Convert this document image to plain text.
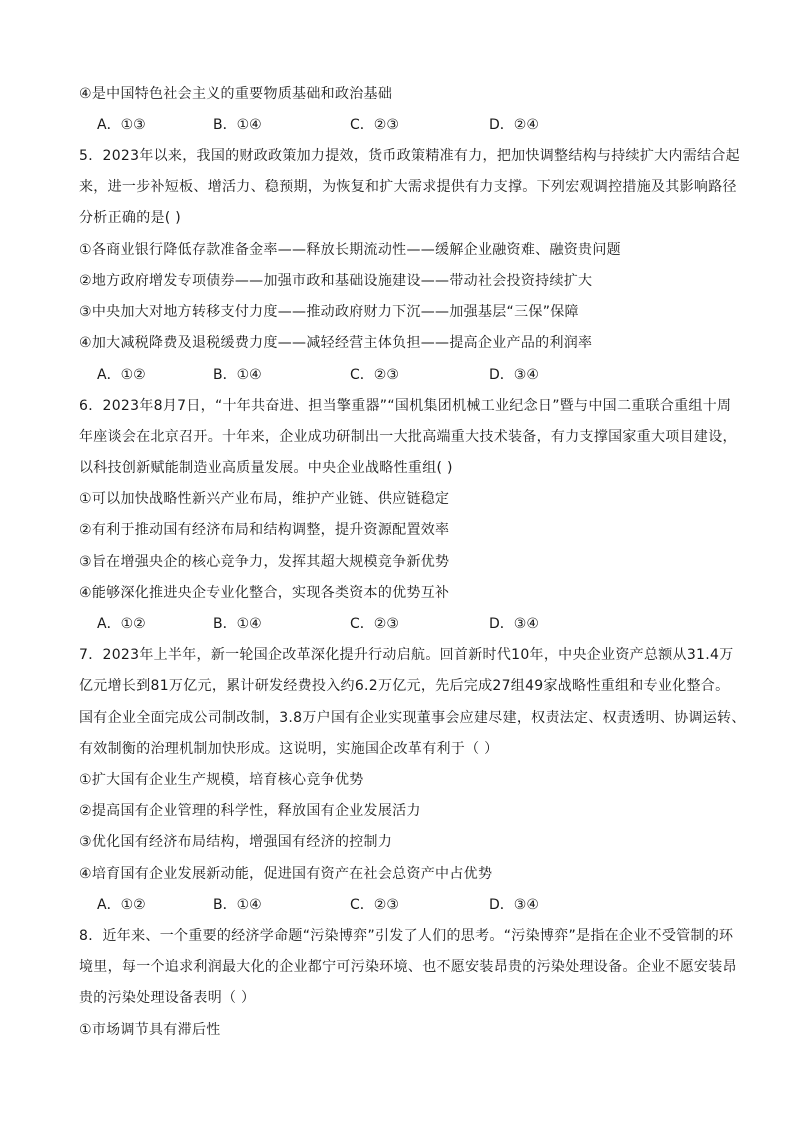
④是中国特色社会主义的重要物质基础和政治基础
A．①③	B．①④	C．②③	D．②④
5．2023年以来，我国的财政政策加力提效，货币政策精准有力，把加快调整结构与持续扩大内需结合起
来，进一步补短板、增活力、稳预期，为恢复和扩大需求提供有力支撑。下列宏观调控措施及其影响路径
分析正确的是( )
①各商业银行降低存款准备金率——释放长期流动性——缓解企业融资难、融资贵问题
②地方政府增发专项债券——加强市政和基础设施建设——带动社会投资持续扩大
③中央加大对地方转移支付力度——推动政府财力下沉——加强基层“三保”保障
④加大减税降费及退税缓费力度——减轻经营主体负担——提高企业产品的利润率
A．①②	B．①④	C．②③	D．③④
6．2023年8月7日，“十年共奋进、担当擎重器”“国机集团机械工业纪念日”暨与中国二重联合重组十周
年座谈会在北京召开。十年来，企业成功研制出一大批高端重大技术装备，有力支撑国家重大项目建设，
以科技创新赋能制造业高质量发展。中央企业战略性重组( )
①可以加快战略性新兴产业布局，维护产业链、供应链稳定
②有利于推动国有经济布局和结构调整，提升资源配置效率
③旨在增强央企的核心竞争力，发挥其超大规模竞争新优势
④能够深化推进央企专业化整合，实现各类资本的优势互补
A．①②	B．①④	C．②③	D．③④
7．2023年上半年，新一轮国企改革深化提升行动启航。回首新时代10年，中央企业资产总额从31.4万
亿元增长到81万亿元，累计研发经费投入约6.2万亿元，先后完成27组49家战略性重组和专业化整合。
国有企业全面完成公司制改制，3.8万户国有企业实现董事会应建尽建，权责法定、权责透明、协调运转、
有效制衡的治理机制加快形成。这说明，实施国企改革有利于（ ）
①扩大国有企业生产规模，培育核心竞争优势
②提高国有企业管理的科学性，释放国有企业发展活力
③优化国有经济布局结构，增强国有经济的控制力
④培育国有企业发展新动能，促进国有资产在社会总资产中占优势
A．①②	B．①④	C．②③	D．③④
8．近年来、一个重要的经济学命题“污染博弈”引发了人们的思考。“污染博弈”是指在企业不受管制的环
境里，每一个追求利润最大化的企业都宁可污染环境、也不愿安装昂贵的污染处理设备。企业不愿安装昂
贵的污染处理设备表明（ ）
①市场调节具有滞后性
